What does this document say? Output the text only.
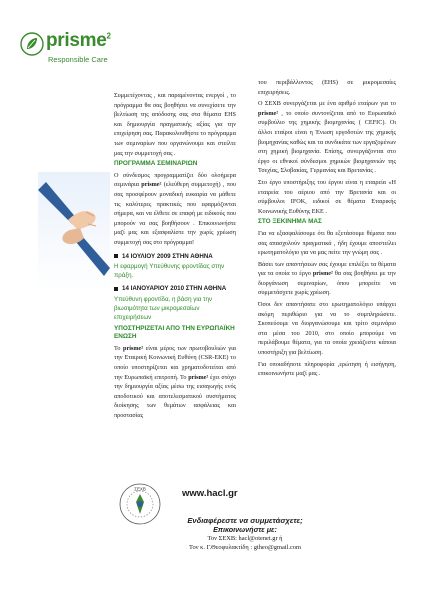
prisme$^2$
Responsible Care

Συμμετέχοντας , και παραμένοντας ενεργοί , το πρόγραμμα θα σας βοηθήσει να συνεχίσετε την βελτίωση της απόδοσης σας στα θέματα EHS και δημιουργία πραγματικής αξίας για την επιχείρηση σας. Παρακολουθήστε το πρόγραμμα των σεμιναρίων που οργανώνουμε και στείλτε μας την συμμετοχή σας .

ΠΡΟΓΡΑΜΜΑ ΣΕΜΙΝΑΡΙΩΝ

Ο σύνδεσμος προγραμματίζει δύο ολοήμερα σεμινάρια prisme² (ελεύθερη συμμετοχή) , που σας προσφέρουν μοναδική ευκαιρία να μάθετε τις καλύτερες πρακτικές που εφαρμόζονται σήμερα, και να έλθετε σε επαφή με ειδικούς που μπορούν να σας βοηθήσουν . Επικοινωνήστε μαζί μας και εξασφαλίστε την χωρίς χρέωση συμμετοχή σας στο πρόγραμμα!

14 ΙΟΥΛΙΟΥ 2009 ΣΤΗΝ ΑΘΗΝΑ
Η εφαρμογή Υπεύθυνης φροντίδας στην πράξη.
14 ΙΑΝΟΥΑΡΙΟΥ 2010 ΣΤΗΝ ΑΘΗΝΑ
Υπεύθυνη φροντίδα, η βάση για την βιωσιμότητα των μικρομεσαίων επιχειρήσεων
ΥΠΟΣΤΗΡΙΖΕΤΑΙ ΑΠΟ ΤΗΝ ΕΥΡΩΠΑΪΚΗ ΕΝΩΣΗ

Το prisme² είναι μέρος των πρωτοβουλιών για την Εταιρική Κοινωνική Ευθύνη (CSR-EKE) το οποίο υποστηρίζεται και χρηματοδοτείται από την Ευρωπαϊκή επιτροπή. Το prisme² έχει στόχο την δημιουργία αξίας μέσω της εισαγωγής ενός αποδοτικού και αποτελεσματικού συστήματος διοίκησης των θεμάτων ασφάλειας και προστασίας

του περιβάλλοντος (EHS) σε μικρομεσαίες επιχειρήσεις.

Ο ΣΕΧΒ συνεργάζεται με ένα αριθμό εταίρων για το prisme² , το οποίο συντονίζεται από το Ευρωπαϊκό συμβούλιο της χημικής βιομηχανίας ( CEFIC). Οι άλλοι εταίροι είναι η Ένωση εργοδοτών της χημικής βιομηχανίας καθώς και τα συνδικάτα των εργαζομένων στη χημική βιομηχανία. Επίσης, συνεργάζονται στο έργο οι εθνικοί σύνδεσμοι χημικών βιομηχανιών της Τσεχίας, Σλοβακίας, Γερμανίας και Βρετανίας .

Στο έργο υποστήριξης του έργου είναι η εταιρεία «Η εταιρεία του αέριου από την Βρετανία και οι σύμβουλοι IFOK, ειδικοί σε θέματα Εταιρικής Κοινωνικής Ευθύνης EKE .

ΣΤΟ ΞΕΚΙΝΗΜΑ ΜΑΣ

Για να εξασφαλίσουμε ότι θα εξετάσουμε θέματα που σας απασχολούν πραγματικά , ήδη έχουμε αποστείλει ερωτηματολόγιο για να μας πείτε την γνώμη σας .

Βάσει των απαντήσεων σας έχουμε επιλέξει τα θέματα για τα οποία το έργο prisme² θα σας βοηθήσει με την διοργάνωση σεμιναρίων, όπου μπορείτε να συμμετάσχετε χωρίς χρέωση.

Όσοι δεν απαντήσατε στο ερωτηματολόγιο υπάρχει ακόμη περιθώριο για να το συμπληρώσετε. Σκοπεύουμε να διοργανώσουμε και τρίτο σεμινάριο στα μέσα του 2010, στο οποίο μπορούμε να περιλάβουμε θέματα, για τα οποία χρειάζεστε κάποια υποστήριξη για βελτίωση.

Για οποιαδήποτε πληροφορία ,ερώτηση ή εισήγηση, επικοινωνήστε μαζί μας .

ΣΕΧΒ	www.hacl.gr
Ενδιαφέρεστε να συμμετάσχετε;
Επικοινωνήστε με:
Τον ΣΕΧΒ: hacl@otenet.gr ή
Τον κ. Γ.Θεοφυλακτίδη : gtheo@gmail.com
